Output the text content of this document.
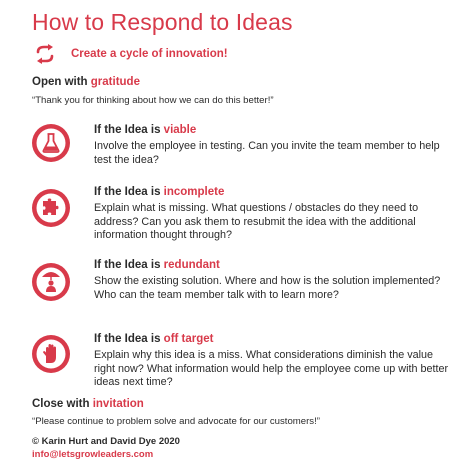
How to Respond to Ideas
Create a cycle of innovation!
Open with gratitude
“Thank you for thinking about how we can do this better!”
If the Idea is viable
Involve the employee in testing. Can you invite the team member to help test the idea?
If the Idea is incomplete
Explain what is missing. What questions / obstacles do they need to address? Can you ask them to resubmit the idea with the additional information thought through?
If the Idea is redundant
Show the existing solution. Where and how is the solution implemented? Who can the team member talk with to learn more?
If the Idea is off target
Explain why this idea is a miss. What considerations diminish the value right now? What information would help the employee come up with better ideas next time?
Close with invitation
“Please continue to problem solve and advocate for our customers!”
© Karin Hurt and David Dye 2020
info@letsgrowleaders.com
